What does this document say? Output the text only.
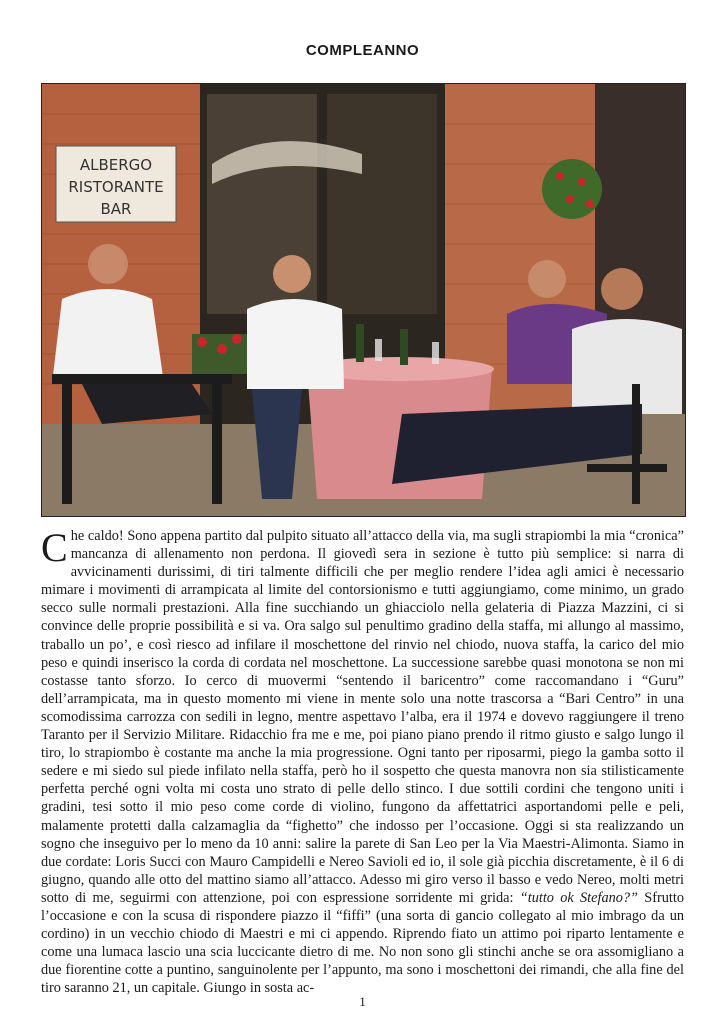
COMPLEANNO
ALBERGO
RISTORANTE
BAR

Che caldo! Sono appena partito dal pulpito situato all’attacco della via, ma sugli strapiombi la mia “cronica” mancanza di allenamento non perdona. Il giovedì sera in sezione è tutto più semplice: si narra di avvicinamenti durissimi, di tiri talmente difficili che per meglio rendere l’idea agli amici è necessario mimare i movimenti di arrampicata al limite del contorsionismo e tutti aggiungiamo, come minimo, un grado secco sulle normali prestazioni. Alla fine succhiando un ghiacciolo nella gelateria di Piazza Mazzini, ci si convince delle proprie possibilità e si va. Ora salgo sul penultimo gradino della staffa, mi allungo al massimo, traballo un po’, e così riesco ad infilare il moschettone del rinvio nel chiodo, nuova staffa, la carico del mio peso e quindi inserisco la corda di cordata nel moschettone. La successione sarebbe quasi monotona se non mi costasse tanto sforzo. Io cerco di muovermi “sentendo il baricentro” come raccomandano i “Guru” dell’arrampicata, ma in questo momento mi viene in mente solo una notte trascorsa a “Bari Centro” in una scomodissima carrozza con sedili in legno, mentre aspettavo l’alba, era il 1974 e dovevo raggiungere il treno Taranto per il Servizio Militare. Ridacchio fra me e me, poi piano piano prendo il ritmo giusto e salgo lungo il tiro, lo strapiombo è costante ma anche la mia progressione. Ogni tanto per riposarmi, piego la gamba sotto il sedere e mi siedo sul piede infilato nella staffa, però ho il sospetto che questa manovra non sia stilisticamente perfetta perché ogni volta mi costa uno strato di pelle dello stinco. I due sottili cordini che tengono uniti i gradini, tesi sotto il mio peso come corde di violino, fungono da affettatrici asportandomi pelle e peli, malamente protetti dalla calzamaglia da “fighetto” che indosso per l’occasione. Oggi si sta realizzando un sogno che inseguivo per lo meno da 10 anni: salire la parete di San Leo per la Via Maestri-Alimonta. Siamo in due cordate: Loris Succi con Mauro Campidelli e Nereo Savioli ed io, il sole già picchia discretamente, è il 6 di giugno, quando alle otto del mattino siamo all’attacco. Adesso mi giro verso il basso e vedo Nereo, molti metri sotto di me, seguirmi con attenzione, poi con espressione sorridente mi grida: “tutto ok Stefano?” Sfrutto l’occasione e con la scusa di rispondere piazzo il “fiffi” (una sorta di gancio collegato al mio imbrago da un cordino) in un vecchio chiodo di Maestri e mi ci appendo. Riprendo fiato un attimo poi riparto lentamente e come una lumaca lascio una scia luccicante dietro di me. No non sono gli stinchi anche se ora assomigliano a due fiorentine cotte a puntino, sanguinolente per l’appunto, ma sono i moschettoni dei rimandi, che alla fine del tiro saranno 21, un capitale. Giungo in sosta ac-

1
